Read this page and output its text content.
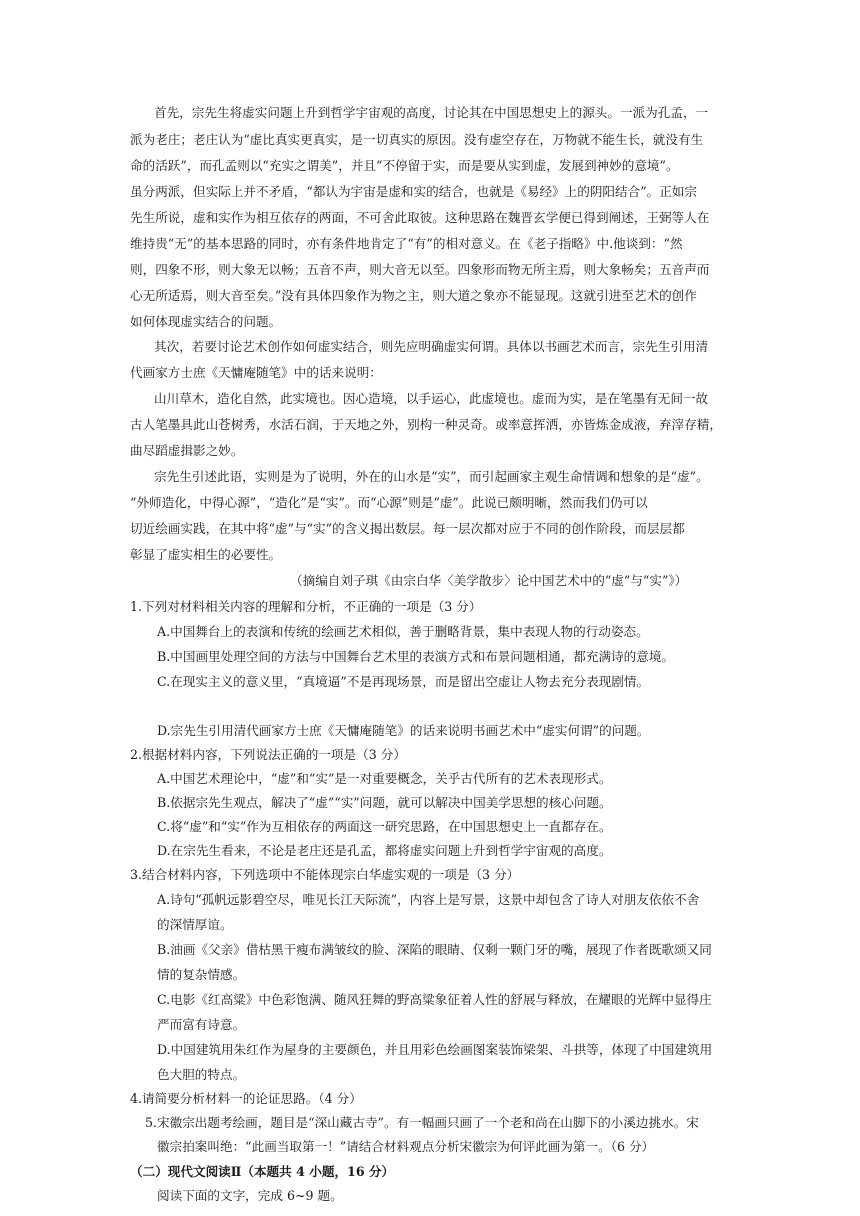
首先，宗先生将虚实问题上升到哲学宇宙观的高度，讨论其在中国思想史上的源头。一派为孔孟，一
派为老庄；老庄认为“虚比真实更真实，是一切真实的原因。没有虚空存在，万物就不能生长，就没有生
命的活跃”，而孔孟则以“充实之谓美”，并且“不停留于实，而是要从实到虚，发展到神妙的意境”。
虽分两派，但实际上并不矛盾，“都认为宇宙是虚和实的结合，也就是《易经》上的阴阳结合”。正如宗
先生所说，虚和实作为相互依存的两面，不可舍此取彼。这种思路在魏晋玄学便已得到阐述，王弼等人在
维持贵“无”的基本思路的同时，亦有条件地肯定了“有”的相对意义。在《老子指略》中.他谈到：“然
则，四象不形，则大象无以畅；五音不声，则大音无以至。四象形而物无所主焉，则大象畅矣；五音声而
心无所适焉，则大音至矣。”没有具体四象作为物之主，则大道之象亦不能显现。这就引进至艺术的创作
如何体现虚实结合的问题。
其次，若要讨论艺术创作如何虚实结合，则先应明确虚实何谓。具体以书画艺术而言，宗先生引用清
代画家方士庶《天慵庵随笔》中的话来说明：
山川草木，造化自然，此实境也。因心造境，以手运心，此虚境也。虚而为实，是在笔墨有无间一故
古人笔墨具此山苍树秀，水活石润，于天地之外，别构一种灵奇。或率意挥洒，亦皆炼金成液，弃滓存精，
曲尽蹈虚揖影之妙。
宗先生引述此语，实则是为了说明，外在的山水是“实”，而引起画家主观生命情调和想象的是“虚”。
“外师造化，中得心源”，“造化”是“实”。而“心源”则是“虚”。此说已颇明晰，然而我们仍可以
切近绘画实践，在其中将“虚”与“实”的含义揭出数层。每一层次都对应于不同的创作阶段，而层层都
彰显了虚实相生的必要性。
（摘编自刘子琪《由宗白华〈美学散步〉论中国艺术中的“虚”与“实”》）
1.下列对材料相关内容的理解和分析，不正确的一项是（3 分）
A.中国舞台上的表演和传统的绘画艺术相似，善于删略背景，集中表现人物的行动姿态。
B.中国画里处理空间的方法与中国舞台艺术里的表演方式和布景问题相通，都充满诗的意境。
C.在现实主义的意义里，“真境逼”不是再现场景，而是留出空虚让人物去充分表现剧情。
D.宗先生引用清代画家方士庶《天慵庵随笔》的话来说明书画艺术中“虚实何谓”的问题。
2.根据材料内容，下列说法正确的一项是（3 分）
A.中国艺术理论中，“虚”和“实”是一对重要概念，关乎古代所有的艺术表现形式。
B.依据宗先生观点，解决了“虚”“实”问题，就可以解决中国美学思想的核心问题。
C.将“虚”和“实”作为互相依存的两面这一研究思路，在中国思想史上一直都存在。
D.在宗先生看来，不论是老庄还是孔孟，都将虚实问题上升到哲学宇宙观的高度。
3.结合材料内容，下列选项中不能体现宗白华虚实观的一项是（3 分）
A.诗句“孤帆远影碧空尽，唯见长江天际流”，内容上是写景，这景中却包含了诗人对朋友依依不舍
的深情厚谊。
B.油画《父亲》借枯黑干瘦布满皱纹的脸、深陷的眼睛、仅剩一颗门牙的嘴，展现了作者既歌颂又同
情的复杂情感。
C.电影《红高粱》中色彩饱满、随风狂舞的野高粱象征着人性的舒展与释放，在耀眼的光辉中显得庄
严而富有诗意。
D.中国建筑用朱红作为屋身的主要颜色，并且用彩色绘画图案装饰梁架、斗拱等，体现了中国建筑用
色大胆的特点。
4.请简要分析材料一的论证思路。（4 分）
5.宋徽宗出题考绘画，题目是“深山藏古寺”。有一幅画只画了一个老和尚在山脚下的小溪边挑水。宋
徽宗拍案叫绝：“此画当取第一！”请结合材料观点分析宋徽宗为何评此画为第一。（6 分）
（二）现代文阅读Ⅱ（本题共 4 小题，16 分）
阅读下面的文字，完成 6~9 题。
